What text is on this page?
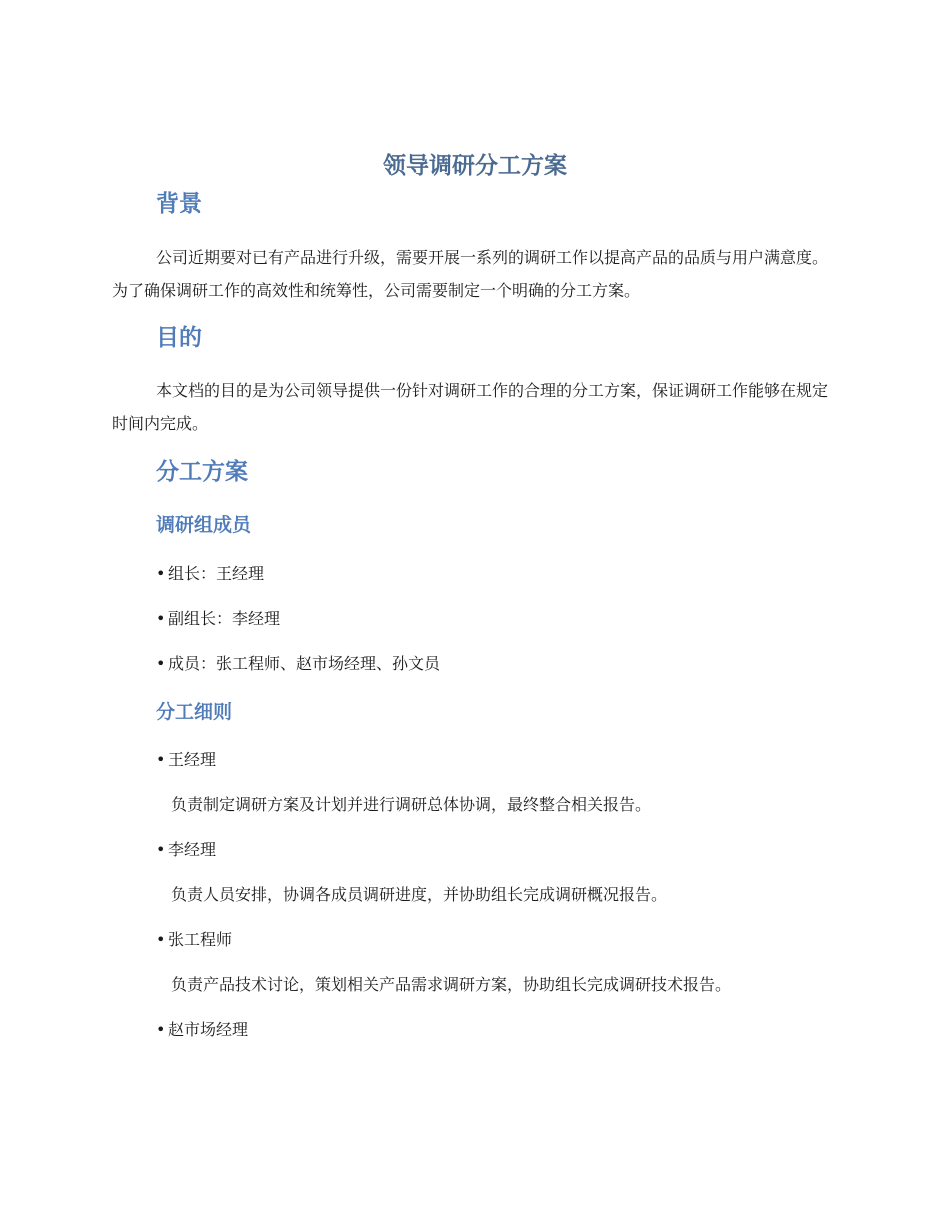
领导调研分工方案
背景

公司近期要对已有产品进行升级，需要开展一系列的调研工作以提高产品的品质与用户满意度。为了确保调研工作的高效性和统筹性，公司需要制定一个明确的分工方案。

目的

本文档的目的是为公司领导提供一份针对调研工作的合理的分工方案，保证调研工作能够在规定时间内完成。

分工方案
调研组成员

• 组长：王经理

• 副组长：李经理

• 成员：张工程师、赵市场经理、孙文员

分工细则

• 王经理

负责制定调研方案及计划并进行调研总体协调，最终整合相关报告。

• 李经理

负责人员安排，协调各成员调研进度，并协助组长完成调研概况报告。

• 张工程师

负责产品技术讨论，策划相关产品需求调研方案，协助组长完成调研技术报告。

• 赵市场经理
